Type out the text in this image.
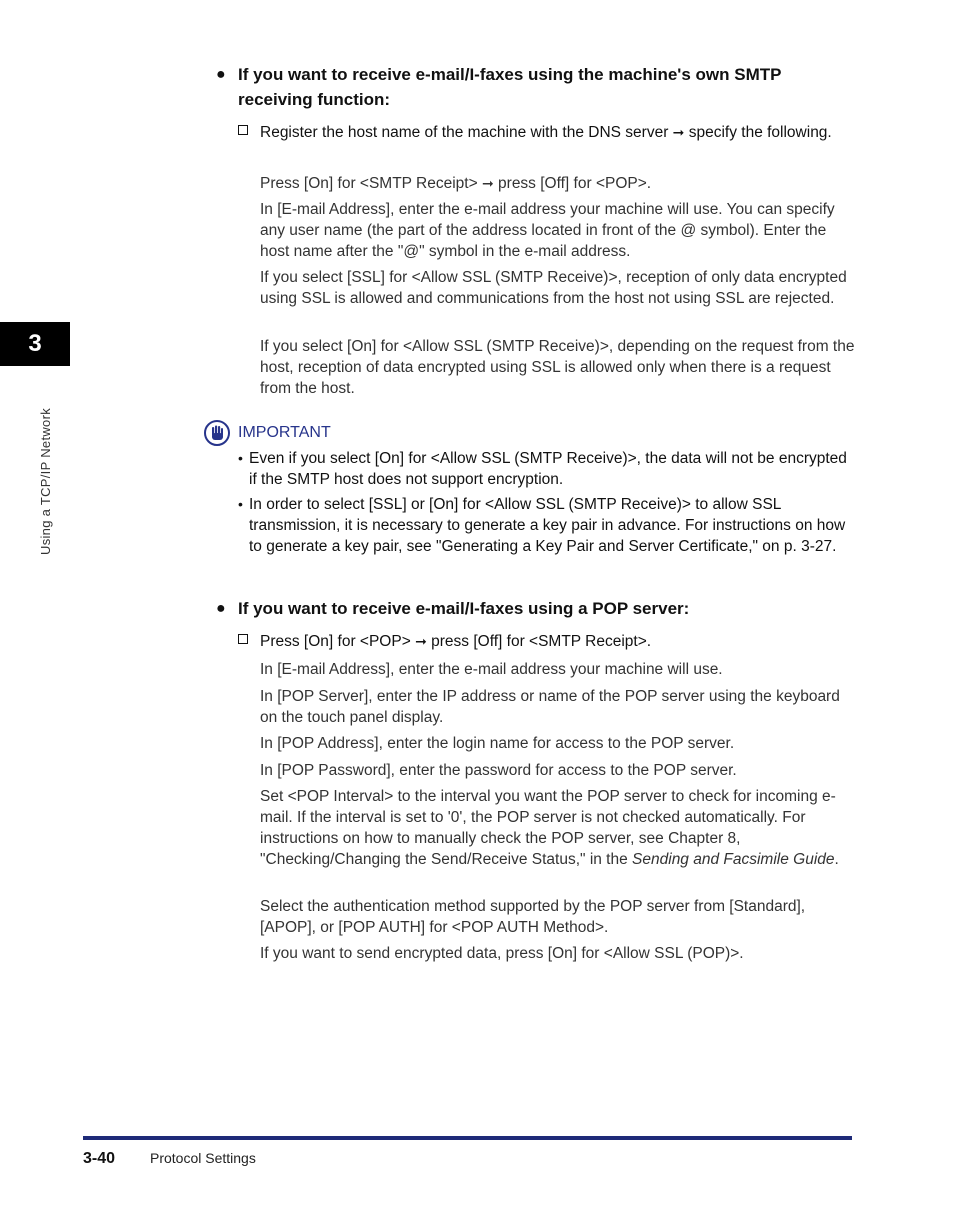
3
Using a TCP/IP Network
● If you want to receive e-mail/I-faxes using the machine's own SMTP
receiving function:
Register the host name of the machine with the DNS server ➞ specify the following.
Press [On] for <SMTP Receipt> ➞ press [Off] for <POP>.
In [E-mail Address], enter the e-mail address your machine will use. You can specify any user name (the part of the address located in front of the @ symbol). Enter the host name after the "@" symbol in the e-mail address.
If you select [SSL] for <Allow SSL (SMTP Receive)>, reception of only data encrypted using SSL is allowed and communications from the host not using SSL are rejected.
If you select [On] for <Allow SSL (SMTP Receive)>, depending on the request from the host, reception of data encrypted using SSL is allowed only when there is a request from the host.
IMPORTANT
• Even if you select [On] for <Allow SSL (SMTP Receive)>, the data will not be encrypted if the SMTP host does not support encryption.
• In order to select [SSL] or [On] for <Allow SSL (SMTP Receive)> to allow SSL transmission, it is necessary to generate a key pair in advance. For instructions on how to generate a key pair, see "Generating a Key Pair and Server Certificate," on p. 3-27.
● If you want to receive e-mail/I-faxes using a POP server:
Press [On] for <POP> ➞ press [Off] for <SMTP Receipt>.
In [E-mail Address], enter the e-mail address your machine will use.
In [POP Server], enter the IP address or name of the POP server using the keyboard on the touch panel display.
In [POP Address], enter the login name for access to the POP server.
In [POP Password], enter the password for access to the POP server.
Set <POP Interval> to the interval you want the POP server to check for incoming e-mail. If the interval is set to '0', the POP server is not checked automatically. For instructions on how to manually check the POP server, see Chapter 8, "Checking/Changing the Send/Receive Status," in the Sending and Facsimile Guide.
Select the authentication method supported by the POP server from [Standard], [APOP], or [POP AUTH] for <POP AUTH Method>.
If you want to send encrypted data, press [On] for <Allow SSL (POP)>.
3-40 Protocol Settings
